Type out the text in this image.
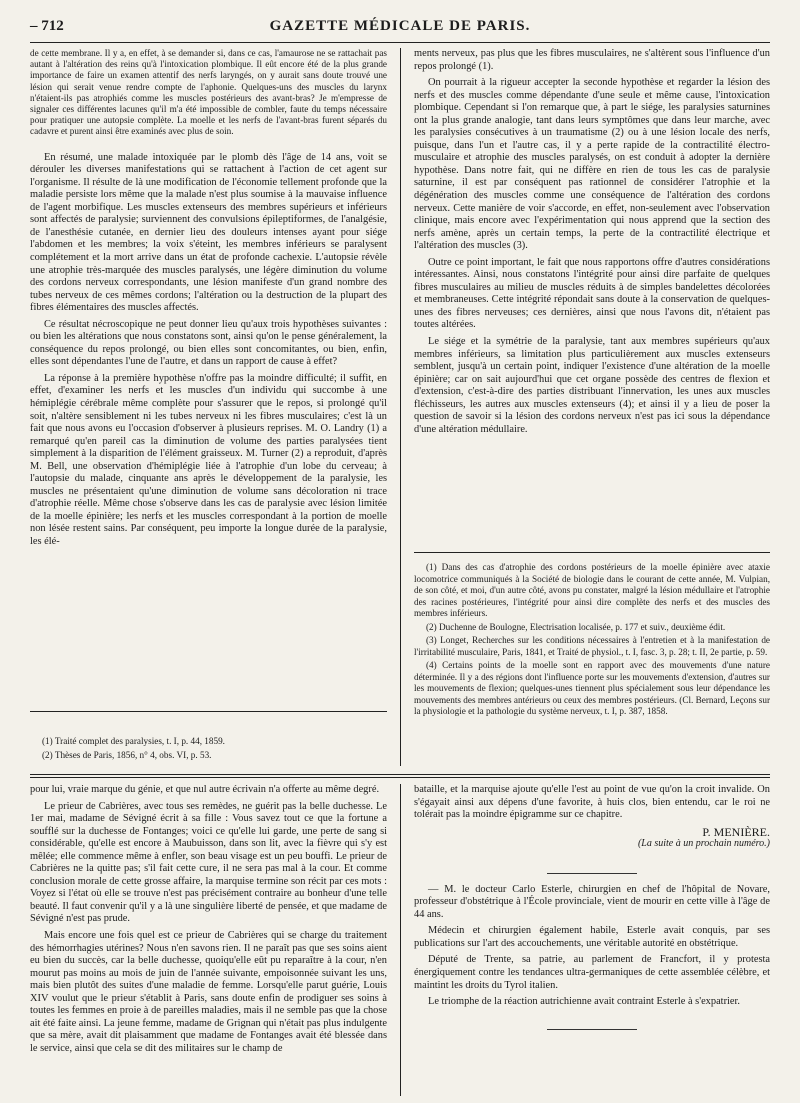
– 712	GAZETTE MÉDICALE DE PARIS.

de cette membrane. Il y a, en effet, à se demander si, dans ce cas, l'amaurose ne se rattachait pas autant à l'altération des reins qu'à l'intoxication plombique. Il eût encore été de la plus grande importance de faire un examen attentif des nerfs laryngés, on y aurait sans doute trouvé une lésion qui serait venue rendre compte de l'aphonie. Quelques-uns des muscles du larynx n'étaient-ils pas atrophiés comme les muscles postérieurs des avant-bras? Je m'empresse de signaler ces différentes lacunes qu'il m'a été impossible de combler, faute du temps nécessaire pour pratiquer une autopsie complète. La moelle et les nerfs de l'avant-bras furent séparés du cadavre et purent ainsi être examinés avec plus de soin.

En résumé, une malade intoxiquée par le plomb dès l'âge de 14 ans, voit se dérouler les diverses manifestations qui se rattachent à l'action de cet agent sur l'organisme. Il résulte de là une modification de l'économie tellement profonde que la maladie persiste lors même que la malade n'est plus soumise à la mauvaise influence de l'agent morbifique. Les muscles extenseurs des membres supérieurs et inférieurs sont affectés de paralysie; surviennent des convulsions épileptiformes, de l'analgésie, de l'anesthésie cutanée, en dernier lieu des douleurs intenses ayant pour siége l'abdomen et les membres; la voix s'éteint, les membres inférieurs se paralysent complétement et la mort arrive dans un état de profonde cachexie. L'autopsie révèle une atrophie très-marquée des muscles paralysés, une légère diminution du volume des cordons nerveux correspondants, une lésion manifeste d'un grand nombre des tubes nerveux de ces mêmes cordons; l'altération ou la destruction de la plupart des fibres élémentaires des muscles affectés.

Ce résultat nécroscopique ne peut donner lieu qu'aux trois hypothèses suivantes : ou bien les altérations que nous constatons sont, ainsi qu'on le pense généralement, la conséquence du repos prolongé, ou bien elles sont concomitantes, ou bien, enfin, elles sont dépendantes l'une de l'autre, et dans un rapport de cause à effet?

La réponse à la première hypothèse n'offre pas la moindre difficulté; il suffit, en effet, d'examiner les nerfs et les muscles d'un individu qui succombe à une hémiplégie cérébrale même complète pour s'assurer que le repos, si prolongé qu'il soit, n'altère sensiblement ni les tubes nerveux ni les fibres musculaires; c'est là un fait que nous avons eu l'occasion d'observer à plusieurs reprises. M. O. Landry (1) a remarqué qu'en pareil cas la diminution de volume des parties paralysées tient simplement à la disparition de l'élément graisseux. M. Turner (2) a reproduit, d'après M. Bell, une observation d'hémiplégie liée à l'atrophie d'un lobe du cerveau; à l'autopsie du malade, cinquante ans après le développement de la paralysie, les muscles ne présentaient qu'une diminution de volume sans décoloration ni trace d'atrophie réelle. Même chose s'observe dans les cas de paralysie avec lésion limitée de la moelle épinière; les nerfs et les muscles correspondant à la portion de moelle non lésée restent sains. Par conséquent, peu importe la longue durée de la paralysie, les élé-

(1) Traité complet des paralysies, t. I, p. 44, 1859.

(2) Thèses de Paris, 1856, n° 4, obs. VI, p. 53.

ments nerveux, pas plus que les fibres musculaires, ne s'altèrent sous l'influence d'un repos prolongé (1).

On pourrait à la rigueur accepter la seconde hypothèse et regarder la lésion des nerfs et des muscles comme dépendante d'une seule et même cause, l'intoxication plombique. Cependant si l'on remarque que, à part le siége, les paralysies saturnines ont la plus grande analogie, tant dans leurs symptômes que dans leur marche, avec les paralysies consécutives à un traumatisme (2) ou à une lésion locale des nerfs, puisque, dans l'un et l'autre cas, il y a perte rapide de la contractilité électro-musculaire et atrophie des muscles paralysés, on est conduit à adopter la dernière hypothèse. Dans notre fait, qui ne diffère en rien de tous les cas de paralysie saturnine, il est par conséquent pas rationnel de considérer l'atrophie et la dégénération des muscles comme une conséquence de l'altération des cordons nerveux. Cette manière de voir s'accorde, en effet, non-seulement avec l'observation clinique, mais encore avec l'expérimentation qui nous apprend que la section des nerfs amène, après un certain temps, la perte de la contractilité électrique et l'altération des muscles (3).

Outre ce point important, le fait que nous rapportons offre d'autres considérations intéressantes. Ainsi, nous constatons l'intégrité pour ainsi dire parfaite de quelques fibres musculaires au milieu de muscles réduits à de simples bandelettes décolorées et membraneuses. Cette intégrité répondait sans doute à la conservation de quelques-unes des fibres nerveuses; ces dernières, ainsi que nous l'avons dit, n'étaient pas toutes altérées.

Le siége et la symétrie de la paralysie, tant aux membres supérieurs qu'aux membres inférieurs, sa limitation plus particulièrement aux muscles extenseurs semblent, jusqu'à un certain point, indiquer l'existence d'une altération de la moelle épinière; car on sait aujourd'hui que cet organe possède des centres de flexion et d'extension, c'est-à-dire des parties distribuant l'innervation, les unes aux muscles fléchisseurs, les autres aux muscles extenseurs (4); et ainsi il y a lieu de poser la question de savoir si la lésion des cordons nerveux n'est pas ici sous la dépendance d'une altération médullaire.

(1) Dans des cas d'atrophie des cordons postérieurs de la moelle épinière avec ataxie locomotrice communiqués à la Société de biologie dans le courant de cette année, M. Vulpian, de son côté, et moi, d'un autre côté, avons pu constater, malgré la lésion médullaire et l'atrophie des racines postérieures, l'intégrité pour ainsi dire complète des nerfs et des muscles des membres inférieurs.

(2) Duchenne de Boulogne, Electrisation localisée, p. 177 et suiv., deuxième édit.

(3) Longet, Recherches sur les conditions nécessaires à l'entretien et à la manifestation de l'irritabilité musculaire, Paris, 1841, et Traité de physiol., t. I, fasc. 3, p. 28; t. II, 2e partie, p. 59.

(4) Certains points de la moelle sont en rapport avec des mouvements d'une nature déterminée. Il y a des régions dont l'influence porte sur les mouvements d'extension, d'autres sur les mouvements de flexion; quelques-unes tiennent plus spécialement sous leur dépendance les mouvements des membres antérieurs ou ceux des membres postérieurs. (Cl. Bernard, Leçons sur la physiologie et la pathologie du système nerveux, t. I, p. 387, 1858.

pour lui, vraie marque du génie, et que nul autre écrivain n'a offerte au même degré.

Le prieur de Cabrières, avec tous ses remèdes, ne guérit pas la belle duchesse. Le 1er mai, madame de Sévigné écrit à sa fille : Vous savez tout ce que la fortune a soufflé sur la duchesse de Fontanges; voici ce qu'elle lui garde, une perte de sang si considérable, qu'elle est encore à Maubuisson, dans son lit, avec la fièvre qui s'y est mêlée; elle commence même à enfler, son beau visage est un peu bouffi. Le prieur de Cabrières ne la quitte pas; s'il fait cette cure, il ne sera pas mal à la cour. Et comme conclusion morale de cette grosse affaire, la marquise termine son récit par ces mots : Voyez si l'état où elle se trouve n'est pas précisément contraire au bonheur d'une telle beauté. Il faut convenir qu'il y a là une singulière liberté de pensée, et que madame de Sévigné n'est pas prude.

Mais encore une fois quel est ce prieur de Cabrières qui se charge du traitement des hémorrhagies utérines? Nous n'en savons rien. Il ne paraît pas que ses soins aient eu bien du succès, car la belle duchesse, quoiqu'elle eût pu reparaître à la cour, n'en mourut pas moins au mois de juin de l'année suivante, empoisonnée suivant les uns, mais bien plutôt des suites d'une maladie de femme. Lorsqu'elle parut guérie, Louis XIV voulut que le prieur s'établit à Paris, sans doute enfin de prodiguer ses soins à toutes les femmes en proie à de pareilles maladies, mais il ne semble pas que la chose ait été faite ainsi. La jeune femme, madame de Grignan qui n'était pas plus indulgente que sa mère, avait dit plaisamment que madame de Fontanges avait été blessée dans le service, ainsi que cela se dit des militaires sur le champ de

bataille, et la marquise ajoute qu'elle l'est au point de vue qu'on la croit invalide. On s'égayait ainsi aux dépens d'une favorite, à huis clos, bien entendu, car le roi ne tolérait pas la moindre épigramme sur ce chapitre.

P. MENIÈRE.
(La suite à un prochain numéro.)

— M. le docteur Carlo Esterle, chirurgien en chef de l'hôpital de Novare, professeur d'obstétrique à l'École provinciale, vient de mourir en cette ville à l'âge de 44 ans.

Médecin et chirurgien également habile, Esterle avait conquis, par ses publications sur l'art des accouchements, une véritable autorité en obstétrique.

Député de Trente, sa patrie, au parlement de Francfort, il y protesta énergiquement contre les tendances ultra-germaniques de cette assemblée célèbre, et maintint les droits du Tyrol italien.

Le triomphe de la réaction autrichienne avait contraint Esterle à s'expatrier.
